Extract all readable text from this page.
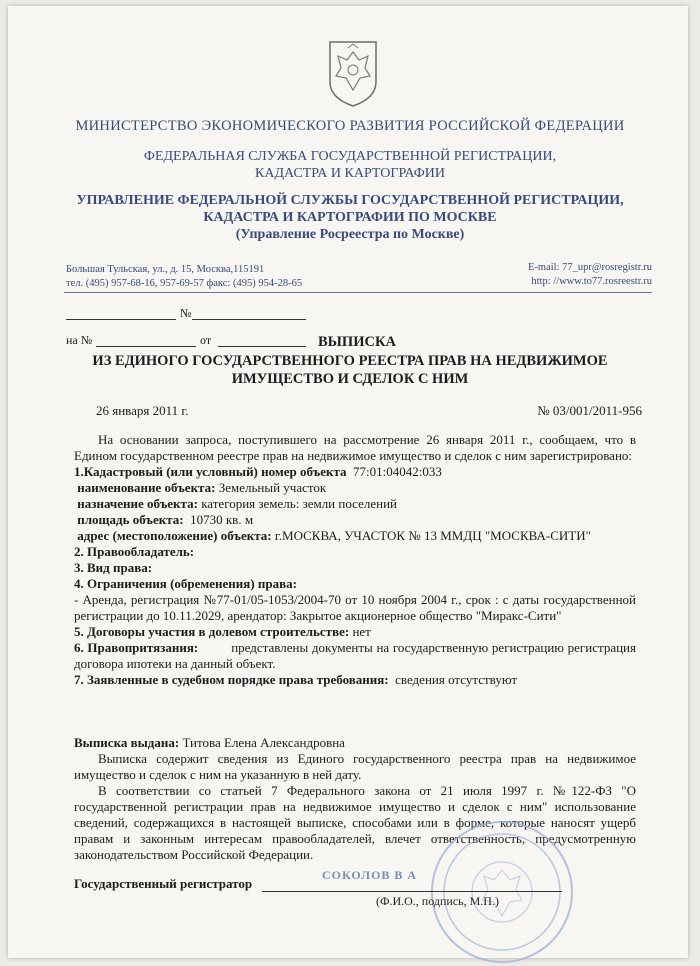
МИНИСТЕРСТВО ЭКОНОМИЧЕСКОГО РАЗВИТИЯ РОССИЙСКОЙ ФЕДЕРАЦИИ
ФЕДЕРАЛЬНАЯ СЛУЖБА ГОСУДАРСТВЕННОЙ РЕГИСТРАЦИИ,
КАДАСТРА И КАРТОГРАФИИ
УПРАВЛЕНИЕ ФЕДЕРАЛЬНОЙ СЛУЖБЫ ГОСУДАРСТВЕННОЙ РЕГИСТРАЦИИ,
КАДАСТРА И КАРТОГРАФИИ ПО МОСКВЕ
(Управление Росреестра по Москве)
Большая Тульская, ул., д. 15, Москва,115191
тел. (495) 957-68-16, 957-69-57 факс: (495) 954-28-65
E-mail: 77_upr@rosregistr.ru
http: //www.to77.rosreestr.ru
№
на №	от	ВЫПИСКА
ИЗ ЕДИНОГО ГОСУДАРСТВЕННОГО РЕЕСТРА ПРАВ НА НЕДВИЖИМОЕ
ИМУЩЕСТВО И СДЕЛОК С НИМ
26 января 2011 г.	№ 03/001/2011-956

На основании запроса, поступившего на рассмотрение 26 января 2011 г., сообщаем, что в Едином государственном реестре прав на недвижимое имущество и сделок с ним зарегистрировано:

1.Кадастровый (или условный) номер объекта 77:01:04042:033

наименование объекта: Земельный участок

назначение объекта: категория земель: земли поселений

площадь объекта: 10730 кв. м

адрес (местоположение) объекта: г.МОСКВА, УЧАСТОК № 13 ММДЦ "МОСКВА-СИТИ"

2. Правообладатель:

3. Вид права:

4. Ограничения (обременения) права:

- Аренда, регистрация №77-01/05-1053/2004-70 от 10 ноября 2004 г., срок : с даты государственной регистрации до 10.11.2029, арендатор: Закрытое акционерное общество "Миракс-Сити"

5. Договоры участия в долевом строительстве: нет

6. Правопритязания:	представлены документы на государственную регистрацию регистрация договора ипотеки на данный объект.

7. Заявленные в судебном порядке права требования: сведения отсутствуют

Выписка выдана: Титова Елена Александровна

Выписка содержит сведения из Единого государственного реестра прав на недвижимое имущество и сделок с ним на указанную в ней дату.

В соответствии со статьей 7 Федерального закона от 21 июля 1997 г. №122-ФЗ "О государственной регистрации прав на недвижимое имущество и сделок с ним" использование сведений, содержащихся в настоящей выписке, способами или в форме, которые наносят ущерб правам и законным интересам правообладателей, влечет ответственность, предусмотренную законодательством Российской Федерации.

СОКОЛОВ В А
Государственный регистратор
(Ф.И.О., подпись, М.П.)
